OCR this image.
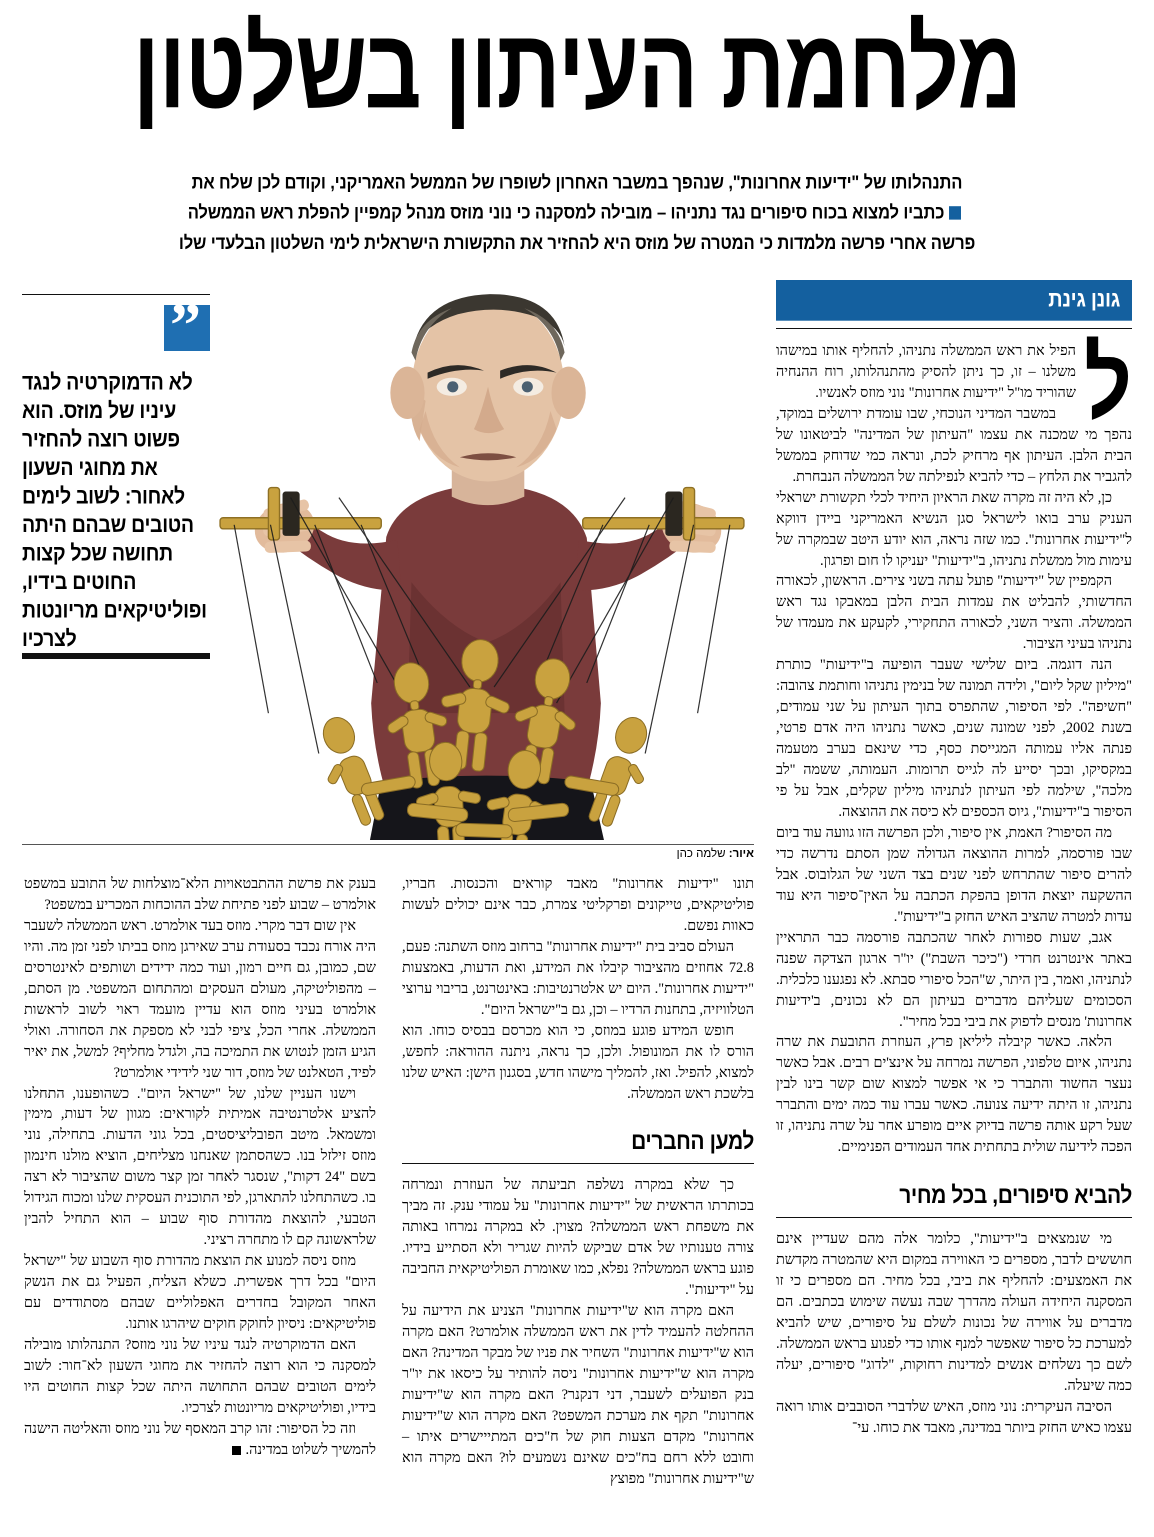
מלחמת העיתון בשלטון
התנהלותו של "ידיעות אחרונות", שנהפך במשבר האחרון לשופרו של הממשל האמריקני, וקודם לכן שלח את
כתביו למצוא בכוח סיפורים נגד נתניהו – מובילה למסקנה כי נוני מוזס מנהל קמפיין להפלת ראש הממשלה
פרשה אחרי פרשה מלמדות כי המטרה של מוזס היא להחזיר את התקשורת הישראלית לימי השלטון הבלעדי שלו
גונן גינת
ל

הפיל את ראש הממשלה נתניהו, להחליף אותו במישהו משלנו – זו, כך ניתן להסיק מהתנהלותו, רוח ההנחיה שהוריד מו"ל "ידיעות אחרונות" נוני מוזס לאנשיו.

במשבר המדיני הנוכחי, שבו עומדת ירושלים במוקד, נהפך מי שמכנה את עצמו "העיתון של המדינה" לביטאונו של הבית הלבן. העיתון אף מרחיק לכת, ונראה כמי שדוחק בממשל להגביר את הלחץ – כדי להביא לנפילתה של הממשלה הנבחרת.

כן, לא היה זה מקרה שאת הראיון היחיד לכלי תקשורת ישראלי העניק ערב בואו לישראל סגן הנשיא האמריקני ביידן דווקא ל"ידיעות אחרונות". כמו שזה נראה, הוא יודע היטב שבמקרה של עימות מול ממשלת נתניהו, ב"ידיעות" יעניקו לו חום ופרגון.

הקמפיין של "ידיעות" פועל עתה בשני צירים. הראשון, לכאורה החדשותי, להבליט את עמדות הבית הלבן במאבקו נגד ראש הממשלה. והציר השני, לכאורה התחקירי, לקעקע את מעמדו של נתניהו בעיני הציבור.

הנה דוגמה. ביום שלישי שעבר הופיעה ב"ידיעות" כותרת "מיליון שקל ליום", ולידה תמונה של בנימין נתניהו וחותמת צהובה: "חשיפה". לפי הסיפור, שהתפרס בתוך העיתון על שני עמודים, בשנת 2002, לפני שמונה שנים, כאשר נתניהו היה אדם פרטי, פנתה אליו עמותה המגייסת כסף, כדי שינאם בערב מטעמה במקסיקו, ובכך יסייע לה לגייס תרומות. העמותה, ששמה "לב מלכה", שילמה לפי העיתון לנתניהו מיליון שקלים, אבל על פי הסיפור ב"ידיעות", גיוס הכספים לא כיסה את ההוצאה.

מה הסיפור? האמת, אין סיפור, ולכן הפרשה הזו גוועה עוד ביום שבו פורסמה, למרות ההוצאה הגדולה שמן הסתם נדרשה כדי להרים סיפור שהתרחש לפני שנים בצד השני של הגלובוס. אבל ההשקעה יוצאת הדופן בהפקת הכתבה על האין־סיפור היא עוד עדות למטרה שהציב האיש החזק ב"ידיעות".

אגב, שעות ספורות לאחר שהכתבה פורסמה כבר התראיין באתר אינטרנט חרדי ("כיכר השבת") יו"ר ארגון הצדקה שפנה לנתניהו, ואמר, בין היתר, ש"הכל סיפורי סבתא. לא נפגענו כלכלית. הסכומים שעליהם מדברים בעיתון הם לא נכונים, ב'ידיעות אחרונות' מנסים לדפוק את ביבי בכל מחיר".

הלאה. כאשר קיבלה ליליאן פרץ, העוזרת התובעת את שרה נתניהו, איום טלפוני, הפרשה נמרחה על אינצ'ים רבים. אבל כאשר נעצר החשוד והתברר כי אי אפשר למצוא שום קשר בינו לבין נתניהו, זו היתה ידיעה צנועה. כאשר עברו עוד כמה ימים והתברר שעל רקע אותה פרשה בדיוק איים מופרע אחר על שרה נתניהו, זו הפכה לידיעה שולית בתחתית אחד העמודים הפנימיים.

להביא סיפורים, בכל מחיר

מי שנמצאים ב"ידיעות", כלומר אלה מהם שעדיין אינם חוששים לדבר, מספרים כי האווירה במקום היא שהמטרה מקדשת את האמצעים: להחליף את ביבי, בכל מחיר. הם מספרים כי זו המסקנה היחידה העולה מהדרך שבה נעשה שימוש בכתבים. הם מדברים על אווירה של נכונות לשלם על סיפורים, שיש להביא למערכת כל סיפור שאפשר למנף אותו כדי לפגוע בראש הממשלה. לשם כך נשלחים אנשים למדינות רחוקות, "לדוג" סיפורים, יעלה כמה שיעלה.

הסיבה העיקרית: נוני מוזס, האיש שלדברי הסובבים אותו רואה עצמו כאיש החזק ביותר במדינה, מאבד את כוחו. עי־

”
לא הדמוקרטיה לנגד עיניו של מוזס. הוא פשוט רוצה להחזיר את מחוגי השעון לאחור: לשוב לימים הטובים שבהם היתה תחושה שכל קצות החוטים בידיו, ופוליטיקאים מריונטות לצרכיו
איור: שלמה כהן

תונו "ידיעות אחרונות" מאבד קוראים והכנסות. חבריו, פוליטיקאים, טייקונים ופרקליטי צמרת, כבר אינם יכולים לעשות כאוות נפשם.

העולם סביב בית "ידיעות אחרונות" ברחוב מוזס השתנה: פעם, 72.8 אחוזים מהציבור קיבלו את המידע, ואת הדעות, באמצעות "ידיעות אחרונות". היום יש אלטרנטיבות: באינטרנט, בריבוי ערוצי הטלוויזיה, בתחנות הרדיו – וכן, גם ב"ישראל היום".

חופש המידע פוגע במוזס, כי הוא מכרסם בבסיס כוחו. הוא הורס לו את המונופול. ולכן, כך נראה, ניתנה ההוראה: לחפש, למצוא, להפיל. ואז, להמליך מישהו חדש, בסגנון הישן: האיש שלנו בלשכת ראש הממשלה.

למען החברים

כך שלא במקרה נשלפה תביעתה של העוזרת ונמרחה בכותרתו הראשית של "ידיעות אחרונות" על עמודי ענק. זה מביך את משפחת ראש הממשלה? מצוין. לא במקרה נמרחו באותה צורה טענותיו של אדם שביקש להיות שגריר ולא הסתייע בידיו. פוגע בראש הממשלה? נפלא, כמו שאומרת הפוליטיקאית החביבה על "ידיעות".

האם מקרה הוא ש"ידיעות אחרונות" הצניע את הידיעה על ההחלטה להעמיד לדין את ראש הממשלה אולמרט? האם מקרה הוא ש"ידיעות אחרונות" השחיר את פניו של מבקר המדינה? האם מקרה הוא ש"ידיעות אחרונות" ניסה להותיר על כיסאו את יו"ר בנק הפועלים לשעבר, דני דנקנר? האם מקרה הוא ש"ידיעות אחרונות" תקף את מערכת המשפט? האם מקרה הוא ש"ידיעות אחרונות" מקדם הצעות חוק של ח"כים המתייישרים איתו – וחובט ללא רחם בח"כים שאינם נשמעים לו? האם מקרה הוא ש"ידיעות אחרונות" מפוצץ

בענק את פרשת ההתבטאויות הלא־מוצלחות של התובע במשפט אולמרט – שבוע לפני פתיחת שלב ההוכחות המכריע במשפט?

אין שום דבר מקרי. מוזס בעד אולמרט. ראש הממשלה לשעבר היה אורח נכבד בסעודת ערב שאירגן מוזס בביתו לפני זמן מה. והיו שם, כמובן, גם חיים רמון, ועוד כמה ידידים ושותפים לאינטרסים – מהפוליטיקה, מעולם העסקים ומהתחום המשפטי. מן הסתם, אולמרט בעיני מוזס הוא עדיין מועמד ראוי לשוב לראשות הממשלה. אחרי הכל, ציפי לבני לא מספקת את הסחורה. ואולי הגיע הזמן לנטוש את התמיכה בה, ולגדל מחליף? למשל, את יאיר לפיד, הטאלנט של מוזס, דור שני לידידי אולמרט?

וישנו העניין שלנו, של "ישראל היום". כשהופענו, התחלנו להציע אלטרנטיבה אמיתית לקוראים: מגוון של דעות, מימין ומשמאל. מיטב הפובליציסטים, בכל גוני הדעות. בתחילה, נוני מוזס זילזל בנו. כשהסתמן שאנחנו מצליחים, הוציא מולנו חינמון בשם "24 דקות", שנסגר לאחר זמן קצר משום שהציבור לא רצה בו. כשהתחלנו להתארגן, לפי התוכנית העסקית שלנו ומכוח הגידול הטבעי, להוצאת מהדורת סוף שבוע – הוא התחיל להבין שלראשונה קם לו מתחרה רציני.

מוזס ניסה למנוע את הוצאת מהדורת סוף השבוע של "ישראל היום" בכל דרך אפשרית. כשלא הצליח, הפעיל גם את הנשק האחר המקובל בחדרים האפלוליים שבהם מסתודדים עם פוליטיקאים: ניסיון לחוקק חוקים שיהרגו אותנו.

האם הדמוקרטיה לנגד עיניו של נוני מוזס? התנהלותו מובילה למסקנה כי הוא רוצה להחזיר את מחוגי השעון לא־חור: לשוב לימים הטובים שבהם התחושה היתה שכל קצות החוטים היו בידיו, ופוליטיקאים מריונטות לצרכיו.

וזה כל הסיפור: זהו קרב המאסף של נוני מוזס והאליטה הישנה להמשיך לשלוט במדינה.
